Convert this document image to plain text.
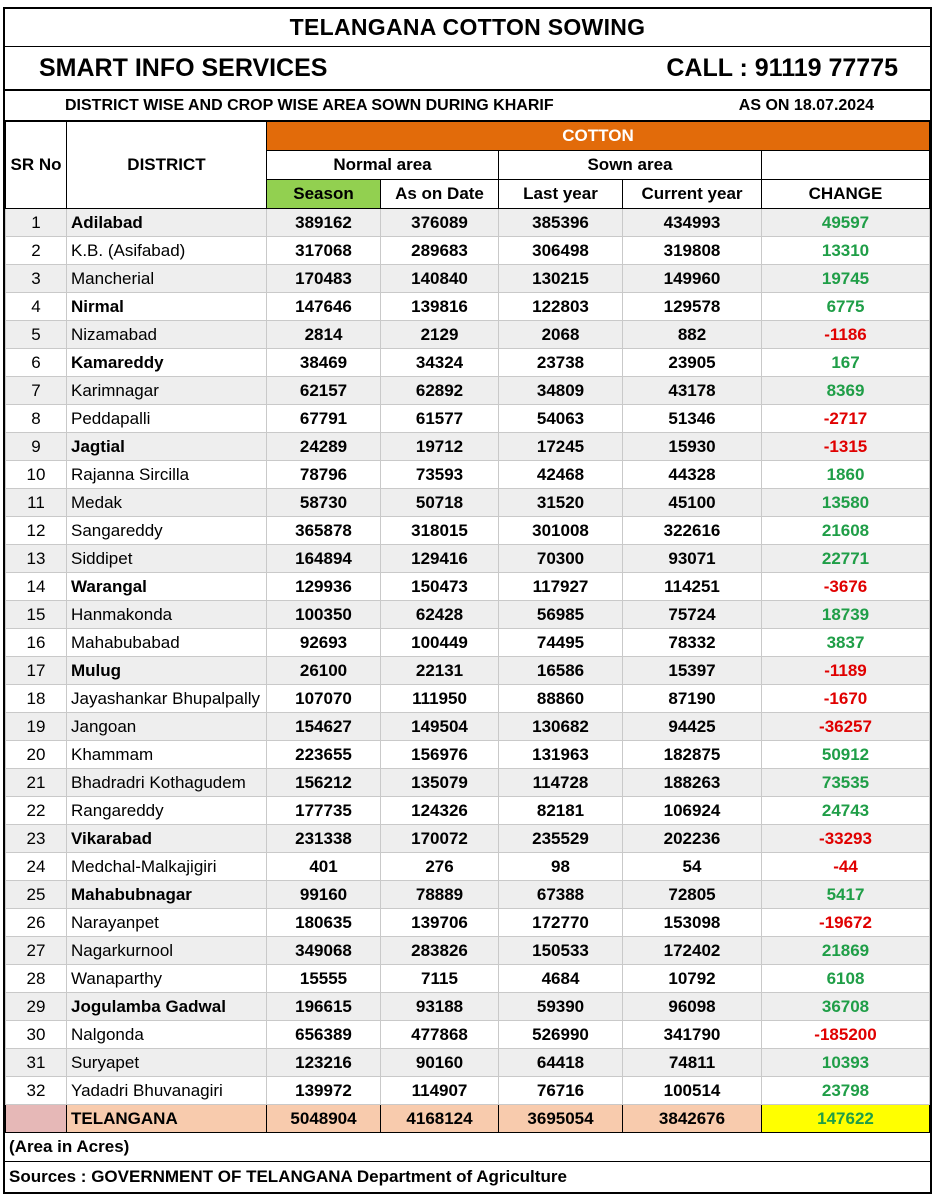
TELANGANA COTTON SOWING
SMART INFO SERVICES	CALL : 91119 77775
DISTRICT WISE AND CROP WISE AREA SOWN DURING KHARIF	AS ON 18.07.2024
SR No	DISTRICT	COTTON				
		Normal area		Sown area		
		Season	As on Date	Last year	Current year	CHANGE
1	Adilabad	389162	376089	385396	434993	49597
2	K.B. (Asifabad)	317068	289683	306498	319808	13310
3	Mancherial	170483	140840	130215	149960	19745
4	Nirmal	147646	139816	122803	129578	6775
5	Nizamabad	2814	2129	2068	882	-1186
6	Kamareddy	38469	34324	23738	23905	167
7	Karimnagar	62157	62892	34809	43178	8369
8	Peddapalli	67791	61577	54063	51346	-2717
9	Jagtial	24289	19712	17245	15930	-1315
10	Rajanna Sircilla	78796	73593	42468	44328	1860
11	Medak	58730	50718	31520	45100	13580
12	Sangareddy	365878	318015	301008	322616	21608
13	Siddipet	164894	129416	70300	93071	22771
14	Warangal	129936	150473	117927	114251	-3676
15	Hanmakonda	100350	62428	56985	75724	18739
16	Mahabubabad	92693	100449	74495	78332	3837
17	Mulug	26100	22131	16586	15397	-1189
18	Jayashankar Bhupalpally	107070	111950	88860	87190	-1670
19	Jangoan	154627	149504	130682	94425	-36257
20	Khammam	223655	156976	131963	182875	50912
21	Bhadradri Kothagudem	156212	135079	114728	188263	73535
22	Rangareddy	177735	124326	82181	106924	24743
23	Vikarabad	231338	170072	235529	202236	-33293
24	Medchal-Malkajigiri	401	276	98	54	-44
25	Mahabubnagar	99160	78889	67388	72805	5417
26	Narayanpet	180635	139706	172770	153098	-19672
27	Nagarkurnool	349068	283826	150533	172402	21869
28	Wanaparthy	15555	7115	4684	10792	6108
29	Jogulamba Gadwal	196615	93188	59390	96098	36708
30	Nalgonda	656389	477868	526990	341790	-185200
31	Suryapet	123216	90160	64418	74811	10393
32	Yadadri Bhuvanagiri	139972	114907	76716	100514	23798
	TELANGANA	5048904	4168124	3695054	3842676	147622
(Area in Acres)
Sources : GOVERNMENT OF TELANGANA Department of Agriculture
